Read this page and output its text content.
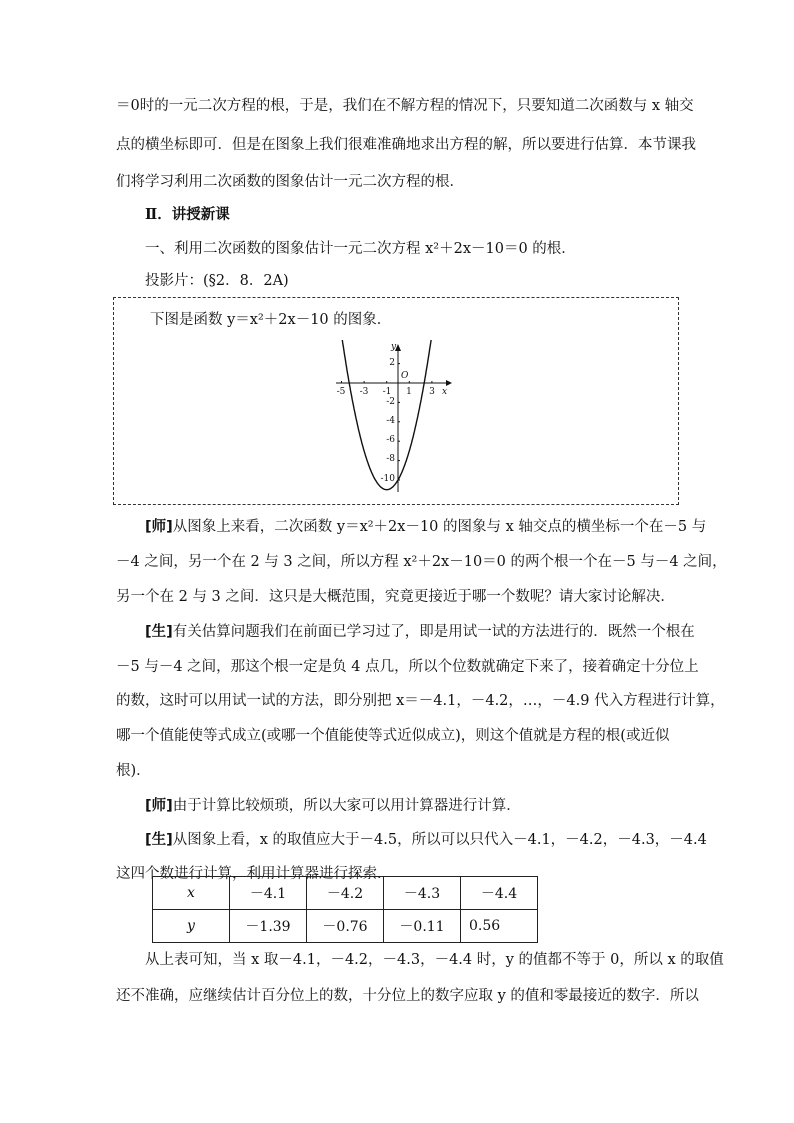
＝0时的一元二次方程的根，于是，我们在不解方程的情况下，只要知道二次函数与 x 轴交
点的横坐标即可．但是在图象上我们很难准确地求出方程的解，所以要进行估算．本节课我
们将学习利用二次函数的图象估计一元二次方程的根．
Ⅱ．讲授新课
一、利用二次函数的图象估计一元二次方程 x²＋2x－10＝0 的根．
投影片：(§2．8．2A)
下图是函数 y＝x²＋2x－10 的图象．
x
y
O
-5 -3 -1 1 3
2
-2
-4
-6
-8
-10
[师]从图象上来看，二次函数 y＝x²＋2x－10 的图象与 x 轴交点的横坐标一个在－5 与
－4 之间，另一个在 2 与 3 之间，所以方程 x²＋2x－10＝0 的两个根一个在－5 与－4 之间，
另一个在 2 与 3 之间．这只是大概范围，究竟更接近于哪一个数呢？请大家讨论解决．
[生]有关估算问题我们在前面已学习过了，即是用试一试的方法进行的．既然一个根在
－5 与－4 之间，那这个根一定是负 4 点几，所以个位数就确定下来了，接着确定十分位上
的数，这时可以用试一试的方法，即分别把 x＝－4.1，－4.2，…，－4.9 代入方程进行计算，
哪一个值能使等式成立(或哪一个值能使等式近似成立)，则这个值就是方程的根(或近似
根)．
[师]由于计算比较烦琐，所以大家可以用计算器进行计算．
[生]从图象上看，x 的取值应大于－4.5，所以可以只代入－4.1，－4.2，－4.3，－4.4
这四个数进行计算，利用计算器进行探索．
x	－4.1	－4.2	－4.3	－4.4
y	－1.39	－0.76	－0.11	0.56
从上表可知，当 x 取－4.1，－4.2，－4.3，－4.4 时，y 的值都不等于 0，所以 x 的取值
还不准确，应继续估计百分位上的数，十分位上的数字应取 y 的值和零最接近的数字．所以
